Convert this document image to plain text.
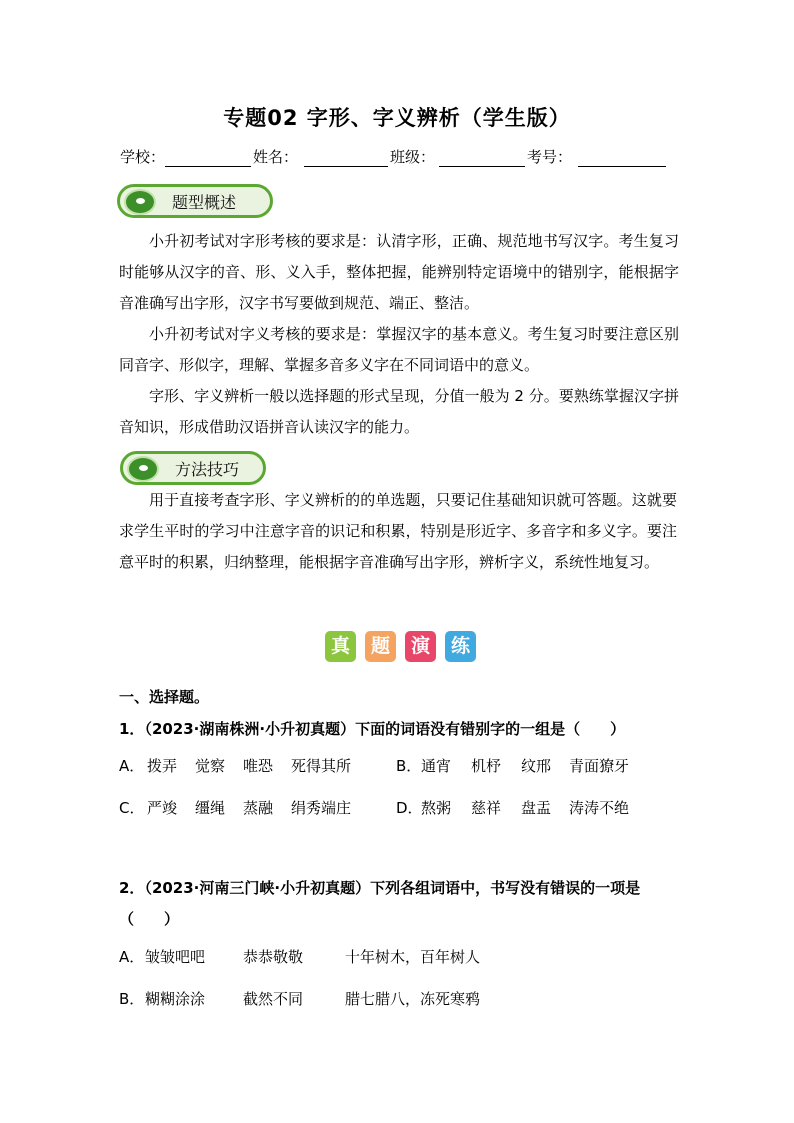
专题02 字形、字义辨析（学生版）
学校：	姓名：	班级：	考号：
题型概述

小升初考试对字形考核的要求是：认清字形，正确、规范地书写汉字。考生复习时能够从汉字的音、形、义入手，整体把握，能辨别特定语境中的错别字，能根据字音准确写出字形，汉字书写要做到规范、端正、整洁。

小升初考试对字义考核的要求是：掌握汉字的基本意义。考生复习时要注意区别同音字、形似字，理解、掌握多音多义字在不同词语中的意义。

字形、字义辨析一般以选择题的形式呈现，分值一般为 2 分。要熟练掌握汉字拼音知识，形成借助汉语拼音认读汉字的能力。

方法技巧

用于直接考查字形、字义辨析的的单选题，只要记住基础知识就可答题。这就要求学生平时的学习中注意字音的识记和积累，特别是形近字、多音字和多义字。要注意平时的积累，归纳整理，能根据字音准确写出字形，辨析字义，系统性地复习。

真	题	演	练
一、选择题。
1．（2023·湖南株洲·小升初真题）下面的词语没有错别字的一组是（　　）
A． 拨弄 觉察 唯恐 死得其所	B．通宵 机杼 纹邢 青面獠牙
C． 严竣 缰绳 蒸融 绢秀端庄	D．熬粥 慈祥 盘盂 涛涛不绝
2．（2023·河南三门峡·小升初真题）下列各组词语中，书写没有错误的一项是
（　　）
A．皱皱吧吧	恭恭敬敬	十年树木，百年树人
B．糊糊涂涂	截然不同	腊七腊八，冻死寒鸦
